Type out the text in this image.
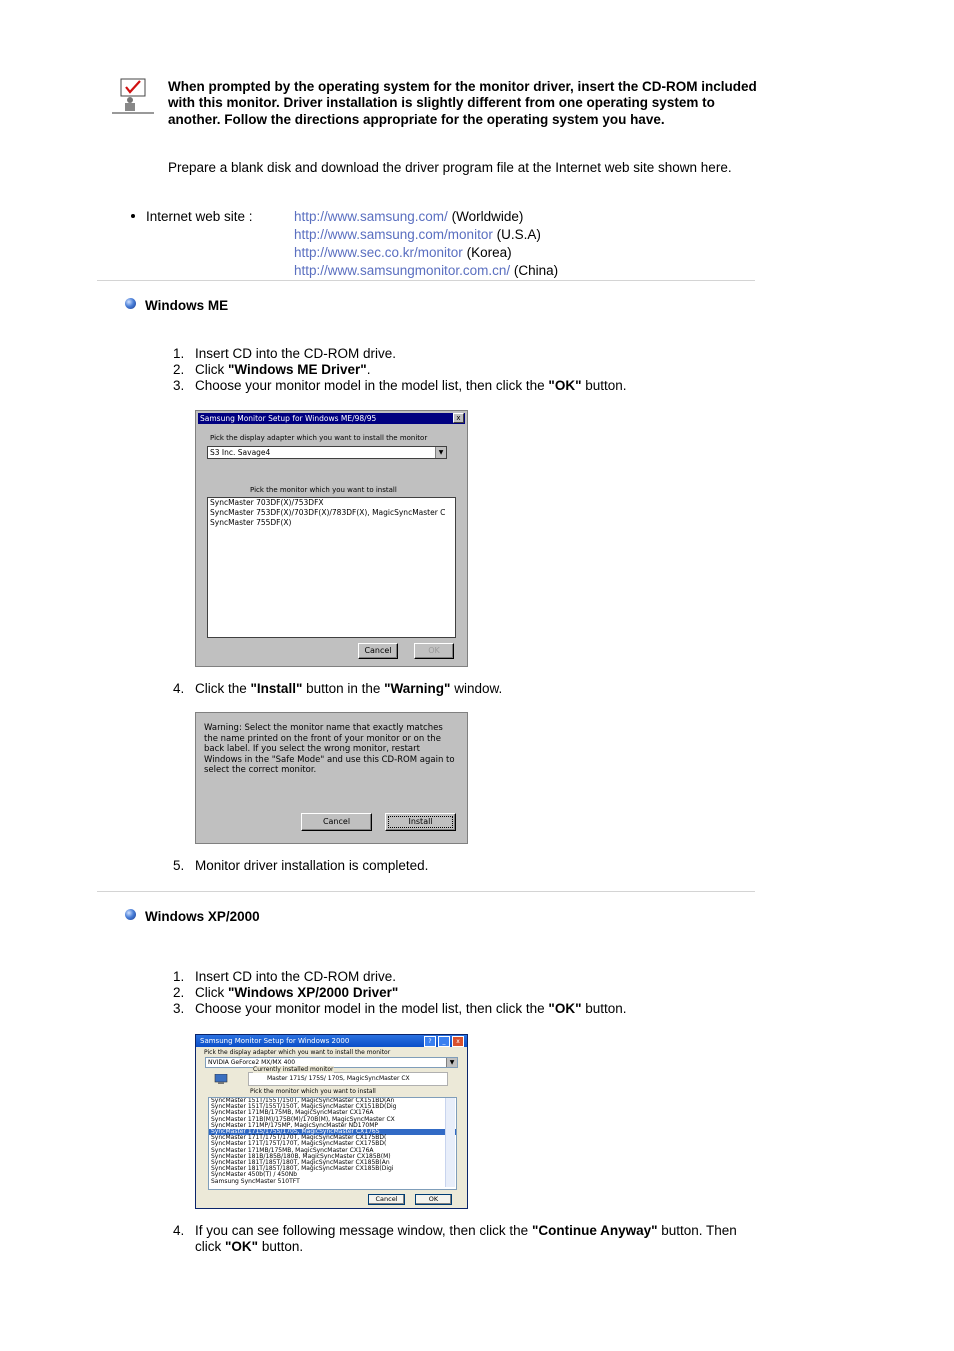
When prompted by the operating system for the monitor driver, insert the CD-ROM included with this monitor. Driver installation is slightly different from one operating system to another. Follow the directions appropriate for the operating system you have.
Prepare a blank disk and download the driver program file at the Internet web site shown here.
Internet web site :	http://www.samsung.com/ (Worldwide)
http://www.samsung.com/monitor (U.S.A)
http://www.sec.co.kr/monitor (Korea)
http://www.samsungmonitor.com.cn/ (China)
Windows ME
1. Insert CD into the CD-ROM drive.
2. Click "Windows ME Driver".
3. Choose your monitor model in the model list, then click the "OK" button.
Samsung Monitor Setup for Windows ME/98/95	x
Pick the display adapter which you want to install the monitor
S3 Inc. Savage4	▼
Pick the monitor which you want to install
SyncMaster 703DF(X)/753DFX
SyncMaster 753DF(X)/703DF(X)/783DF(X), MagicSyncMaster C
SyncMaster 755DF(X)
Cancel	OK
4. Click the "Install" button in the "Warning" window.
Warning: Select the monitor name that exactly matches the name printed on the front of your monitor or on the back label. If you select the wrong monitor, restart Windows in the "Safe Mode" and use this CD-ROM again to select the correct monitor.
Cancel	Install
5. Monitor driver installation is completed.
Windows XP/2000
1. Insert CD into the CD-ROM drive.
2. Click "Windows XP/2000 Driver"
3. Choose your monitor model in the model list, then click the "OK" button.
Samsung Monitor Setup for Windows 2000	?	_	x
Pick the display adapter which you want to install the monitor
NVIDIA GeForce2 MX/MX 400	▼
Master 171S/ 175S/ 170S, MagicSyncMaster CX
Currently installed monitor
Pick the monitor which you want to install
SyncMaster 151T/155T/150T, MagicSyncMaster CX151BD(An
SyncMaster 151T/155T/150T, MagicSyncMaster CX151BD(Dig
SyncMaster 171MB/175MB, MagicSyncMaster CX176A
SyncMaster 171B(M)/175B(M)/170B(M), MagicSyncMaster CX
SyncMaster 171MP/175MP, MagicSyncMaster ND170MP
SyncMaster 171S/175S/170S, MagicSyncMaster CX176S
SyncMaster 171T/175T/170T, MagicSyncMaster CX175BD(
SyncMaster 171T/175T/170T, MagicSyncMaster CX175BD(
SyncMaster 171MB/175MB, MagicSyncMaster CX176A
SyncMaster 181B/185B/180B, MagicSyncMaster CX185B(M)
SyncMaster 181T/185T/180T, MagicSyncMaster CX185B(An
SyncMaster 181T/185T/180T, MagicSyncMaster CX185B(Digi
SyncMaster 450b(T) / 450Nb
Samsung SyncMaster 510TFT
Cancel	OK
4. If you can see following message window, then click the "Continue Anyway" button. Then click "OK" button.
